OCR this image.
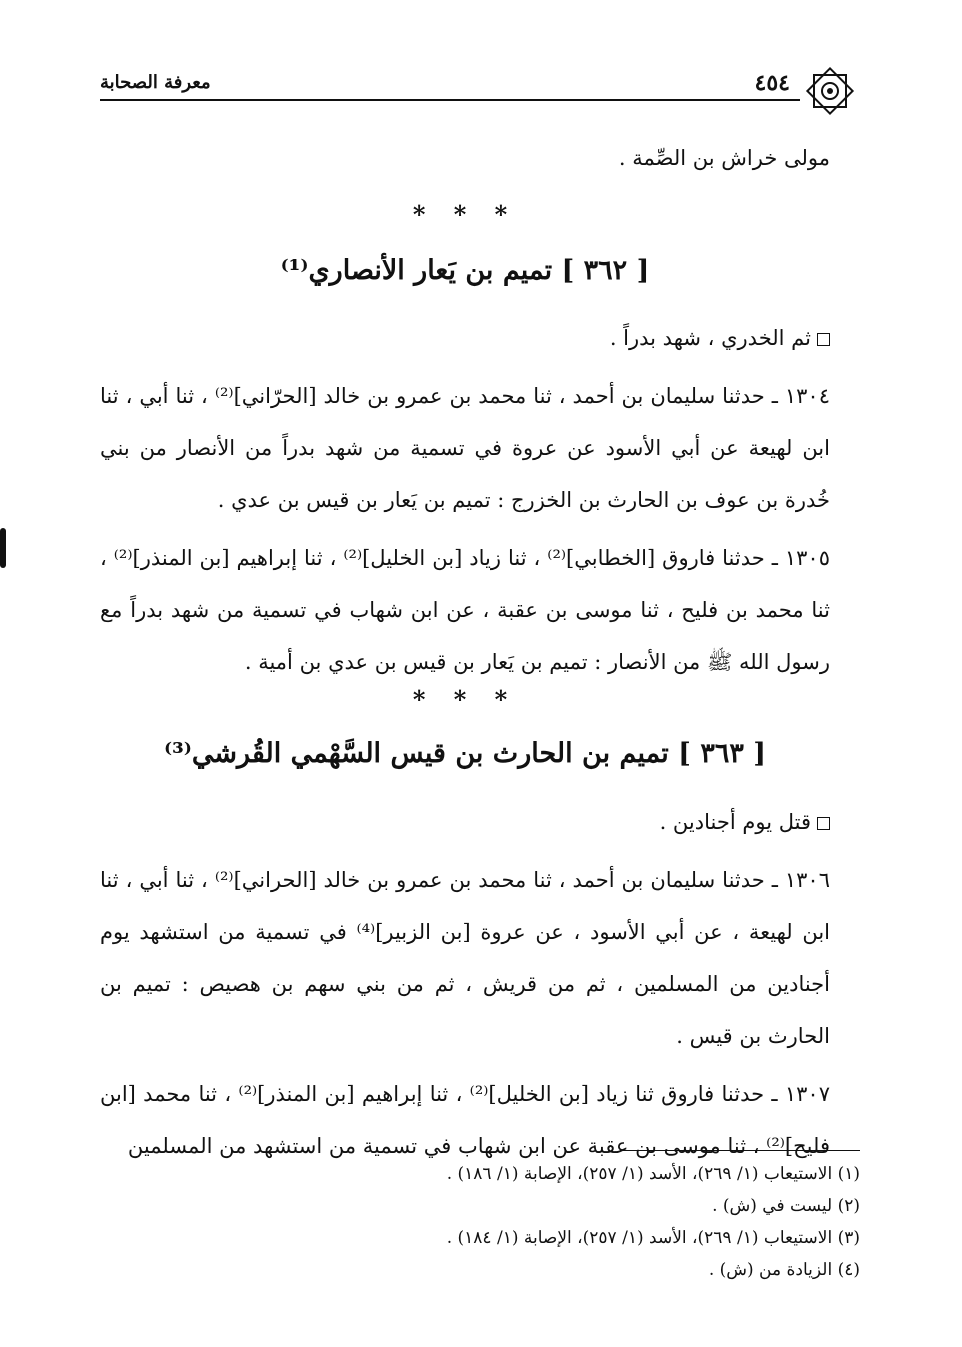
٤٥٤
معرفة الصحابة

مولى خراش بن الصِّمة .

* * *
[ ٣٦٢ ] تميم بن يَعار الأنصاري⁽¹⁾

ثم الخدري ، شهد بدراً .

١٣٠٤ ـ حدثنا سليمان بن أحمد ، ثنا محمد بن عمرو بن خالد [الحرّاني]⁽²⁾ ، ثنا أبي ، ثنا ابن لهيعة عن أبي الأسود عن عروة في تسمية من شهد بدراً من الأنصار من بني خُدرة بن عوف بن الحارث بن الخزرج : تميم بن يَعار بن قيس بن عدي .

١٣٠٥ ـ حدثنا فاروق [الخطابي]⁽²⁾ ، ثنا زياد [بن الخليل]⁽²⁾ ، ثنا إبراهيم [بن المنذر]⁽²⁾ ، ثنا محمد بن فليح ، ثنا موسى بن عقبة ، عن ابن شهاب في تسمية من شهد بدراً مع رسول الله ﷺ من الأنصار : تميم بن يَعار بن قيس بن عدي بن أمية .

* * *
[ ٣٦٣ ] تميم بن الحارث بن قيس السَّهْمي القُرشي⁽³⁾

قتل يوم أجنادين .

١٣٠٦ ـ حدثنا سليمان بن أحمد ، ثنا محمد بن عمرو بن خالد [الحراني]⁽²⁾ ، ثنا أبي ، ثنا ابن لهيعة ، عن أبي الأسود ، عن عروة [بن الزبير]⁽⁴⁾ في تسمية من استشهد يوم أجنادين من المسلمين ، ثم من قريش ، ثم من بني سهم بن هصيص : تميم بن الحارث بن قيس .

١٣٠٧ ـ حدثنا فاروق ثنا زياد [بن الخليل]⁽²⁾ ، ثنا إبراهيم [بن المنذر]⁽²⁾ ، ثنا محمد [ابن فليح]⁽²⁾ ، ثنا موسى بن عقبة عن ابن شهاب في تسمية من استشهد من المسلمين

(١) الاستيعاب (١/ ٢٦٩)، الأسد (١/ ٢٥٧)، الإصابة (١/ ١٨٦) .

(٢) ليست في (ش) .

(٣) الاستيعاب (١/ ٢٦٩)، الأسد (١/ ٢٥٧)، الإصابة (١/ ١٨٤) .

(٤) الزيادة من (ش) .
